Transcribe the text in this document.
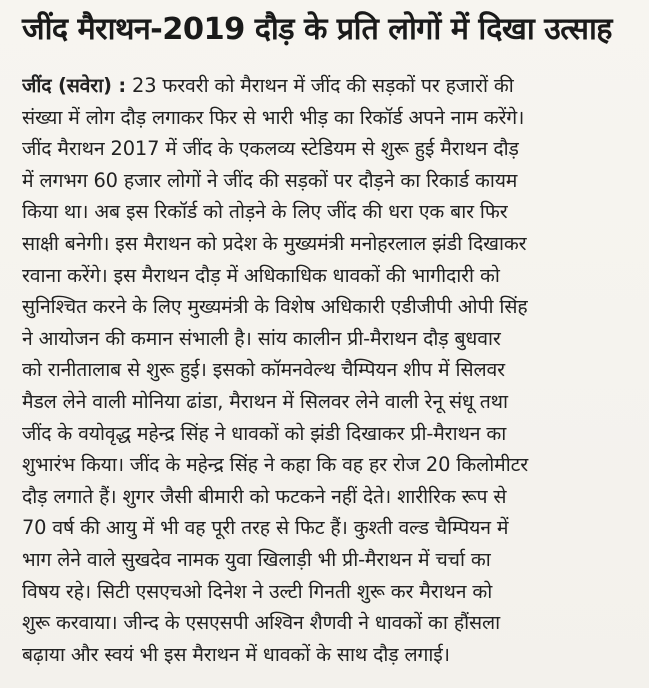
जींद मैराथन-2019 दौड़ के प्रति लोगों में दिखा उत्साह
जींद (सवेरा) : 23 फरवरी को मैराथन में जींद की सड़कों पर हजारों की
संख्या में लोग दौड़ लगाकर फिर से भारी भीड़ का रिकॉर्ड अपने नाम करेंगे।
जींद मैराथन 2017 में जींद के एकलव्य स्टेडियम से शुरू हुई मैराथन दौड़
में लगभग 60 हजार लोगों ने जींद की सड़कों पर दौड़ने का रिकार्ड कायम
किया था। अब इस रिकॉर्ड को तोड़ने के लिए जींद की धरा एक बार फिर
साक्षी बनेगी। इस मैराथन को प्रदेश के मुख्यमंत्री मनोहरलाल झंडी दिखाकर
रवाना करेंगे। इस मैराथन दौड़ में अधिकाधिक धावकों की भागीदारी को
सुनिश्चित करने के लिए मुख्यमंत्री के विशेष अधिकारी एडीजीपी ओपी सिंह
ने आयोजन की कमान संभाली है। सांय कालीन प्री-मैराथन दौड़ बुधवार
को रानीतालाब से शुरू हुई। इसको कॉमनवेल्थ चैम्पियन शीप में सिलवर
मैडल लेने वाली मोनिया ढांडा, मैराथन में सिलवर लेने वाली रेनू संधू तथा
जींद के वयोवृद्ध महेन्द्र सिंह ने धावकों को झंडी दिखाकर प्री-मैराथन का
शुभारंभ किया। जींद के महेन्द्र सिंह ने कहा कि वह हर रोज 20 किलोमीटर
दौड़ लगाते हैं। शुगर जैसी बीमारी को फटकने नहीं देते। शारीरिक रूप से
70 वर्ष की आयु में भी वह पूरी तरह से फिट हैं। कुश्ती वल्ड चैम्पियन में
भाग लेने वाले सुखदेव नामक युवा खिलाड़ी भी प्री-मैराथन में चर्चा का
विषय रहे। सिटी एसएचओ दिनेश ने उल्टी गिनती शुरू कर मैराथन को
शुरू करवाया। जीन्द के एसएसपी अश्विन शैणवी ने धावकों का हौंसला
बढ़ाया और स्वयं भी इस मैराथन में धावकों के साथ दौड़ लगाई।
